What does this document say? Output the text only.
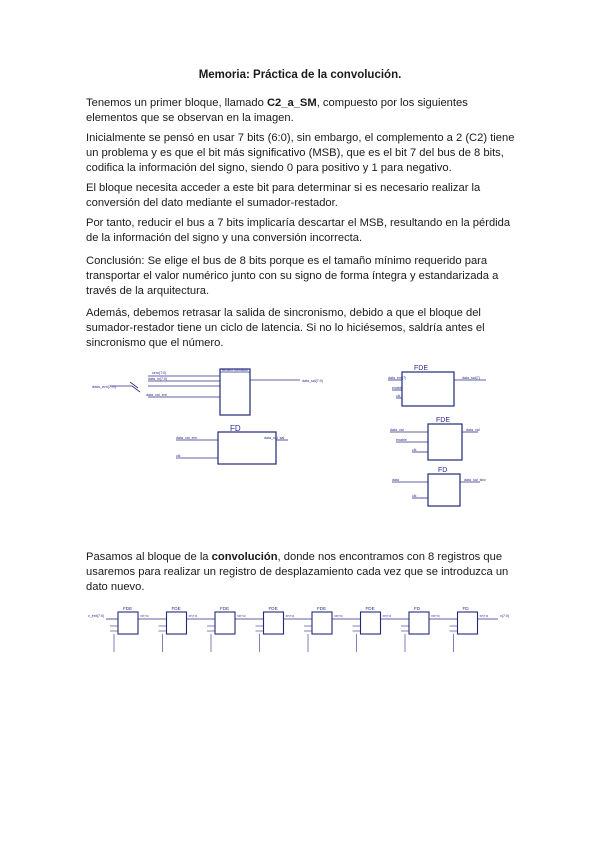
Memoria: Práctica de la convolución.

Tenemos un primer bloque, llamado C2_a_SM, compuesto por los siguientes elementos que se observan en la imagen.

Inicialmente se pensó en usar 7 bits (6:0), sin embargo, el complemento a 2 (C2) tiene un problema y es que el bit más significativo (MSB), que es el bit 7 del bus de 8 bits, codifica la información del signo, siendo 0 para positivo y 1 para negativo.

El bloque necesita acceder a este bit para determinar si es necesario realizar la conversión del dato mediante el sumador-restador.

Por tanto, reducir el bus a 7 bits implicaría descartar el MSB, resultando en la pérdida de la información del signo y una conversión incorrecta.

Conclusión: Se elige el bus de 8 bits porque es el tamaño mínimo requerido para transportar el valor numérico junto con su signo de forma íntegra y estandarizada a través de la arquitectura.

Además, debemos retrasar la salida de sincronismo, debido a que el bloque del sumador-restador tiene un ciclo de latencia. Si no lo hiciésemos, saldría antes el sincronismo que el número.

Pasamos al bloque de la convolución, donde nos encontramos con 8 registros que usaremos para realizar un registro de desplazamiento cada vez que se introduzca un dato nuevo.

data_ent(7:0)
cero(7:0)
data_in(7:0)
data_val_ent
Binario sumador
data_sal(7:0)
FD
data_val_ent
clk
data_val_sal
FDE
data_ent(7)
enable
clk
data_sal(7)
FDE
data_val
enable
clk
data_val
FD
data
clk
data_sal_sinc
x_ent(7:0)	x(7:0)
FDE
XP(7:0)
FDE
XP(7:0)
FDE
XP(7:0)
FDE
XP(7:0)
FDE
XP(7:0)
FDE
XP(7:0)
FD
XP(7:0)
FD
XP(7:0)
